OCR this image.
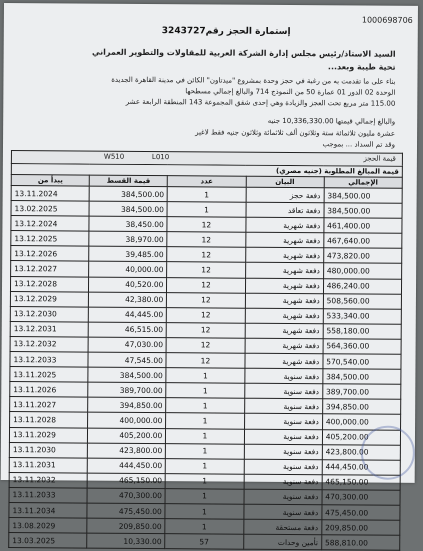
1000698706
إستمارة الحجز رقم3243727
السيد الاستاذ/رئيس مجلس إدارة الشركة العربية للمقاولات والتطوير العمراني
تحية طيبة وبعد...
بناء على ما تقدمت به من رغبة في حجز وحدة بمشروع "ميدتاون" الكائن في مدينة القاهرة الجديدة
الوحدة 02 الدور 01 عمارة 50 من النموذج 714 والبالغ إجمالي مسطحها
115.00 متر مربع تحت العجز والزيادة وهي إحدى شقق المجموعة 143 المنطقة الرابعة عشر
والبالغ إجمالي قيمتها 10,336,330.00 جنيه
عشرة مليون ثلاثمائة ستة وثلاثون ألف ثلاثمائة وثلاثون جنيه فقط لاغير
وقد تم السداد ... بموجب
W510	L010	قيمة الحجز
قيمة المبالغ المطلوبة (جنيه مصري)				
يبدأ من	قيمة القسط	عدد	البيان	الإجمالي
13.11.2024	384,500.00	1	دفعة حجز	384,500.00
13.02.2025	384,500.00	1	دفعة تعاقد	384,500.00
13.12.2024	38,450.00	12	دفعة شهرية	461,400.00
13.12.2025	38,970.00	12	دفعة شهرية	467,640.00
13.12.2026	39,485.00	12	دفعة شهرية	473,820.00
13.12.2027	40,000.00	12	دفعة شهرية	480,000.00
13.12.2028	40,520.00	12	دفعة شهرية	486,240.00
13.12.2029	42,380.00	12	دفعة شهرية	508,560.00
13.12.2030	44,445.00	12	دفعة شهرية	533,340.00
13.12.2031	46,515.00	12	دفعة شهرية	558,180.00
13.12.2032	47,030.00	12	دفعة شهرية	564,360.00
13.12.2033	47,545.00	12	دفعة شهرية	570,540.00
13.11.2025	384,500.00	1	دفعة سنوية	384,500.00
13.11.2026	389,700.00	1	دفعة سنوية	389,700.00
13.11.2027	394,850.00	1	دفعة سنوية	394,850.00
13.11.2028	400,000.00	1	دفعة سنوية	400,000.00
13.11.2029	405,200.00	1	دفعة سنوية	405,200.00
13.11.2030	423,800.00	1	دفعة سنوية	423,800.00
13.11.2031	444,450.00	1	دفعة سنوية	444,450.00
13.11.2032	465,150.00	1	دفعة سنوية	465,150.00
13.11.2033	470,300.00	1	دفعة سنوية	470,300.00
13.11.2034	475,450.00	1	دفعة سنوية	475,450.00
13.08.2029	209,850.00	1	دفعة مستحقة	209,850.00
13.03.2025	10,330.00	57	تأمين وحدات	588,810.00
